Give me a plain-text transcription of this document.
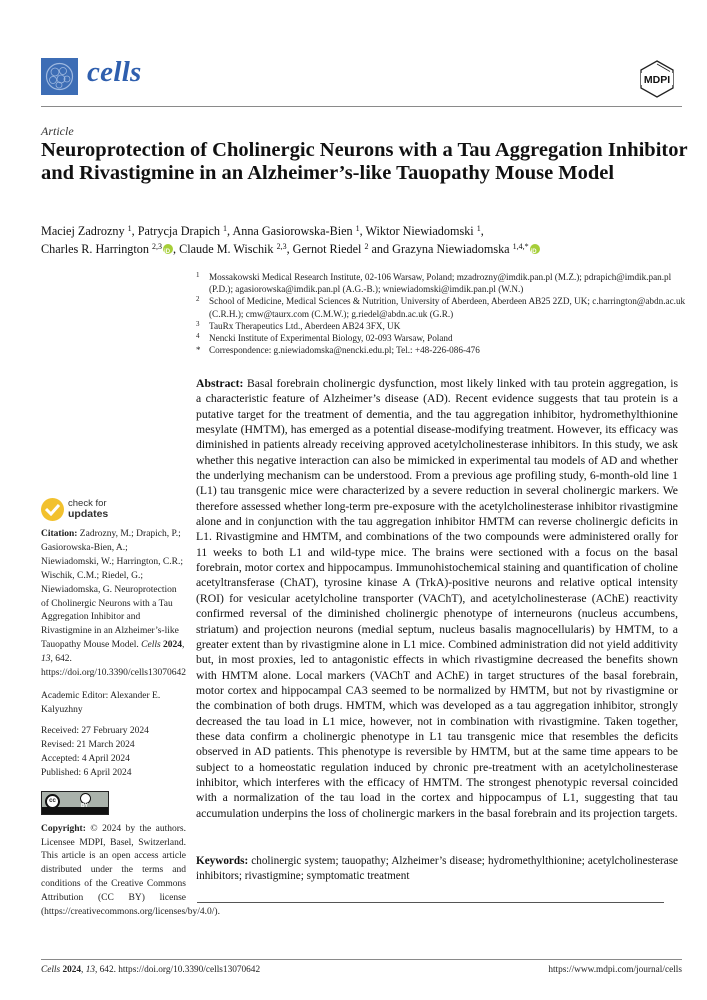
cells	MDPI
Article
Neuroprotection of Cholinergic Neurons with a Tau Aggregation Inhibitor and Rivastigmine in an Alzheimer’s-like Tauopathy Mouse Model
Maciej Zadrozny $^1$, Patrycja Drapich $^1$, Anna Gasiorowska-Bien $^1$, Wiktor Niewiadomski $^1$,
Charles R. Harrington $^{2,3}$ iD , Claude M. Wischik $^{2,3}$, Gernot Riedel $^2$ and Grazyna Niewiadomska $^{1,4,*}$iD
1 Mossakowski Medical Research Institute, 02-106 Warsaw, Poland; mzadrozny@imdik.pan.pl (M.Z.); pdrapich@imdik.pan.pl (P.D.); agasiorowska@imdik.pan.pl (A.G.-B.); wniewiadomski@imdik.pan.pl (W.N.)
2 School of Medicine, Medical Sciences & Nutrition, University of Aberdeen, Aberdeen AB25 2ZD, UK; c.harrington@abdn.ac.uk (C.R.H.); cmw@taurx.com (C.M.W.); g.riedel@abdn.ac.uk (G.R.)
3 TauRx Therapeutics Ltd., Aberdeen AB24 3FX, UK
4 Nencki Institute of Experimental Biology, 02-093 Warsaw, Poland
* Correspondence: g.niewiadomska@nencki.edu.pl; Tel.: +48-226-086-476
Abstract: Basal forebrain cholinergic dysfunction, most likely linked with tau protein aggregation, is a characteristic feature of Alzheimer’s disease (AD). Recent evidence suggests that tau protein is a putative target for the treatment of dementia, and the tau aggregation inhibitor, hydromethylthionine mesylate (HMTM), has emerged as a potential disease-modifying treatment. However, its efficacy was diminished in patients already receiving approved acetylcholinesterase inhibitors. In this study, we ask whether this negative interaction can also be mimicked in experimental tau models of AD and whether the underlying mechanism can be understood. From a previous age profiling study, 6-month-old line 1 (L1) tau transgenic mice were characterized by a severe reduction in several cholinergic markers. We therefore assessed whether long-term pre-exposure with the acetylcholinesterase inhibitor rivastigmine alone and in conjunction with the tau aggregation inhibitor HMTM can reverse cholinergic deficits in L1. Rivastigmine and HMTM, and combinations of the two compounds were administered orally for 11 weeks to both L1 and wild-type mice. The brains were sectioned with a focus on the basal forebrain, motor cortex and hippocampus. Immunohistochemical staining and quantification of choline acetyltransferase (ChAT), tyrosine kinase A (TrkA)-positive neurons and relative optical intensity (ROI) for vesicular acetylcholine transporter (VAChT), and acetylcholinesterase (AChE) reactivity confirmed reversal of the diminished cholinergic phenotype of interneurons (nucleus accumbens, striatum) and projection neurons (medial septum, nucleus basalis magnocellularis) by HMTM, to a greater extent than by rivastigmine alone in L1 mice. Combined administration did not yield additivity but, in most proxies, led to antagonistic effects in which rivastigmine decreased the benefits shown with HMTM alone. Local markers (VAChT and AChE) in target structures of the basal forebrain, motor cortex and hippocampal CA3 seemed to be normalized by HMTM, but not by rivastigmine or the combination of both drugs. HMTM, which was developed as a tau aggregation inhibitor, strongly decreased the tau load in L1 mice, however, not in combination with rivastigmine. Taken together, these data confirm a cholinergic phenotype in L1 tau transgenic mice that resembles the deficits observed in AD patients. This phenotype is reversible by HMTM, but at the same time appears to be subject to a homeostatic regulation induced by chronic pre-treatment with an acetylcholinesterase inhibitor, which interferes with the efficacy of HMTM. The strongest phenotypic reversal coincided with a normalization of the tau load in the cortex and hippocampus of L1, suggesting that tau accumulation underpins the loss of cholinergic markers in the basal forebrain and its projection targets.
Keywords: cholinergic system; tauopathy; Alzheimer’s disease; hydromethylthionine; acetylcholinesterase inhibitors; rivastigmine; symptomatic treatment
check for
updates
Citation: Zadrozny, M.; Drapich, P.; Gasiorowska-Bien, A.; Niewiadomski, W.; Harrington, C.R.; Wischik, C.M.; Riedel, G.; Niewiadomska, G. Neuroprotection of Cholinergic Neurons with a Tau Aggregation Inhibitor and Rivastigmine in an Alzheimer’s-like Tauopathy Mouse Model. Cells 2024, 13, 642. https://doi.org/10.3390/cells13070642
Academic Editor: Alexander E. Kalyuzhny
Received: 27 February 2024
Revised: 21 March 2024
Accepted: 4 April 2024
Published: 6 April 2024
cc
BY
Copyright: © 2024 by the authors. Licensee MDPI, Basel, Switzerland. This article is an open access article distributed under the terms and conditions of the Creative Commons Attribution (CC BY) license (https://creativecommons.org/licenses/by/4.0/).
Cells 2024, 13, 642. https://doi.org/10.3390/cells13070642	https://www.mdpi.com/journal/cells
